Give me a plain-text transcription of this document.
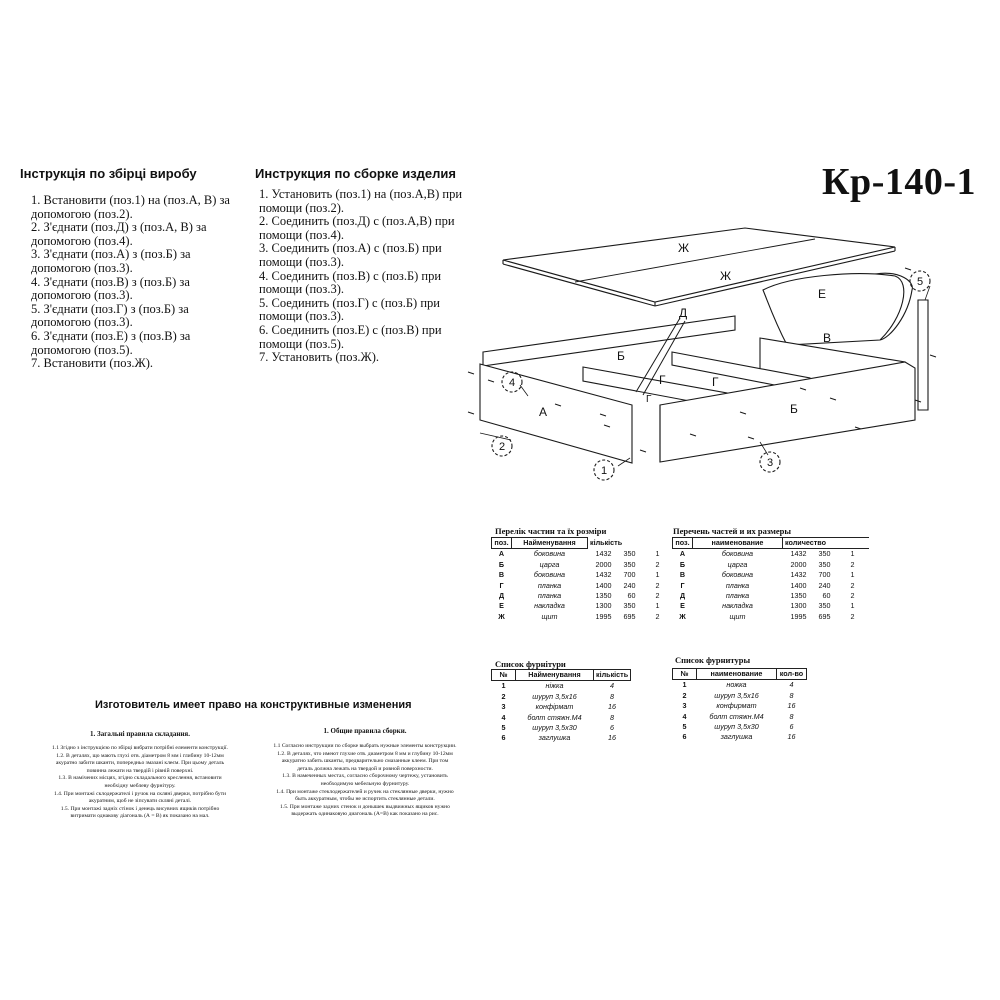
Інструкція по збірці виробу
1. Встановити (поз.1) на (поз.А, В) за
допомогою (поз.2).
2. З'єднати (поз.Д) з (поз.А, В) за
допомогою (поз.4).
3. З'єднати (поз.А) з (поз.Б) за
допомогою (поз.3).
4. З'єднати (поз.В) з (поз.Б) за
допомогою (поз.3).
5. З'єднати (поз.Г) з (поз.Б) за
допомогою (поз.3).
6. З'єднати (поз.Е) з (поз.В) за
допомогою (поз.5).
7. Встановити (поз.Ж).
Инструкция по сборке изделия
1. Установить (поз.1) на (поз.А,В) при
помощи (поз.2).
2. Соединить (поз.Д) с (поз.А,В) при
помощи (поз.4).
3. Соединить (поз.А) с (поз.Б) при
помощи (поз.3).
4. Соединить (поз.В) с (поз.Б) при
помощи (поз.3).
5. Соединить (поз.Г) с (поз.Б) при
помощи (поз.3).
6. Соединить (поз.Е) с (поз.В) при
помощи (поз.5).
7. Установить (поз.Ж).
Кр-140-1
Ж
Ж
Е
В
Б
Б
Г	Г
А
Д
Г
4
2
1
3
5
Перелік частин та їх розміри
поз.	Найменування	кількість		
А	боковина	1432	350	1
Б	царга	2000	350	2
В	боковина	1432	700	1
Г	планка	1400	240	2
Д	планка	1350	60	2
Е	накладка	1300	350	1
Ж	щит	1995	695	2
Перечень частей и их размеры
поз.	наименование	количество		
А	боковина	1432	350	1
Б	царга	2000	350	2
В	боковина	1432	700	1
Г	планка	1400	240	2
Д	планка	1350	60	2
Е	накладка	1300	350	1
Ж	щит	1995	695	2
Список фурнітури
№	Найменування	кількість
1	ніжка	4
2	шуруп 3,5х16	8
3	конфірмат	16
4	болт стяжн.М4	8
5	шуруп 3,5х30	6
6	заглушка	16
Список фурнитуры
№	наименование	кол-во
1	ножка	4
2	шуруп 3,5х16	8
3	конфирмат	16
4	болт стяжн.М4	8
5	шуруп 3,5х30	6
6	заглушка	16
Изготовитель имеет право на конструктивные изменения
1. Загальні правила складання.
1.1 Згідно з інструкцією по збірці вибрати потрібні елементи конструкції.
1.2. В деталях, що мають глухі отв. діаметром 8 мм і глибину 10-12мм
акуратно забити шканти, попередньо змазані клеєм. При цьому деталь
повинна лежати на твердій і рівній поверхні.
1.3. В намічених місцях, згідно складального креслення, встановити
необхідну меблеву фурнітуру.
1.4. При монтажі склодержателі і ручок на скляні дверки, потрібно бути
акуратним, щоб не зіпсувати скляні деталі.
1.5. При монтажі задніх стінок і денець висувних ящиків потрібно
витримати однакову діагональ (А = В) як показано на мал.
1. Общие правила сборки.
1.1 Согласно инструкции по сборке выбрать нужные элементы конструкции.
1.2. В деталях, что имеют глухие отв. диаметром 8 мм и глубину 10-12мм
аккуратно забить шканты, предварительно смазанные клеем. При том
деталь должна лежать на твердой и ровной поверхности.
1.3. В намеченных местах, согласно сборочному чертежу, установить
необходимую мебельную фурнитуру.
1.4. При монтаже стеклодержателей и ручек на стеклянные дверки, нужно
быть аккуратным, чтобы не испортить стеклянные детали.
1.5. При монтаже задних стенок и донышек выдвижных ящиков нужно
выдержать одинаковую диагональ (А=В) как показано на рис.
